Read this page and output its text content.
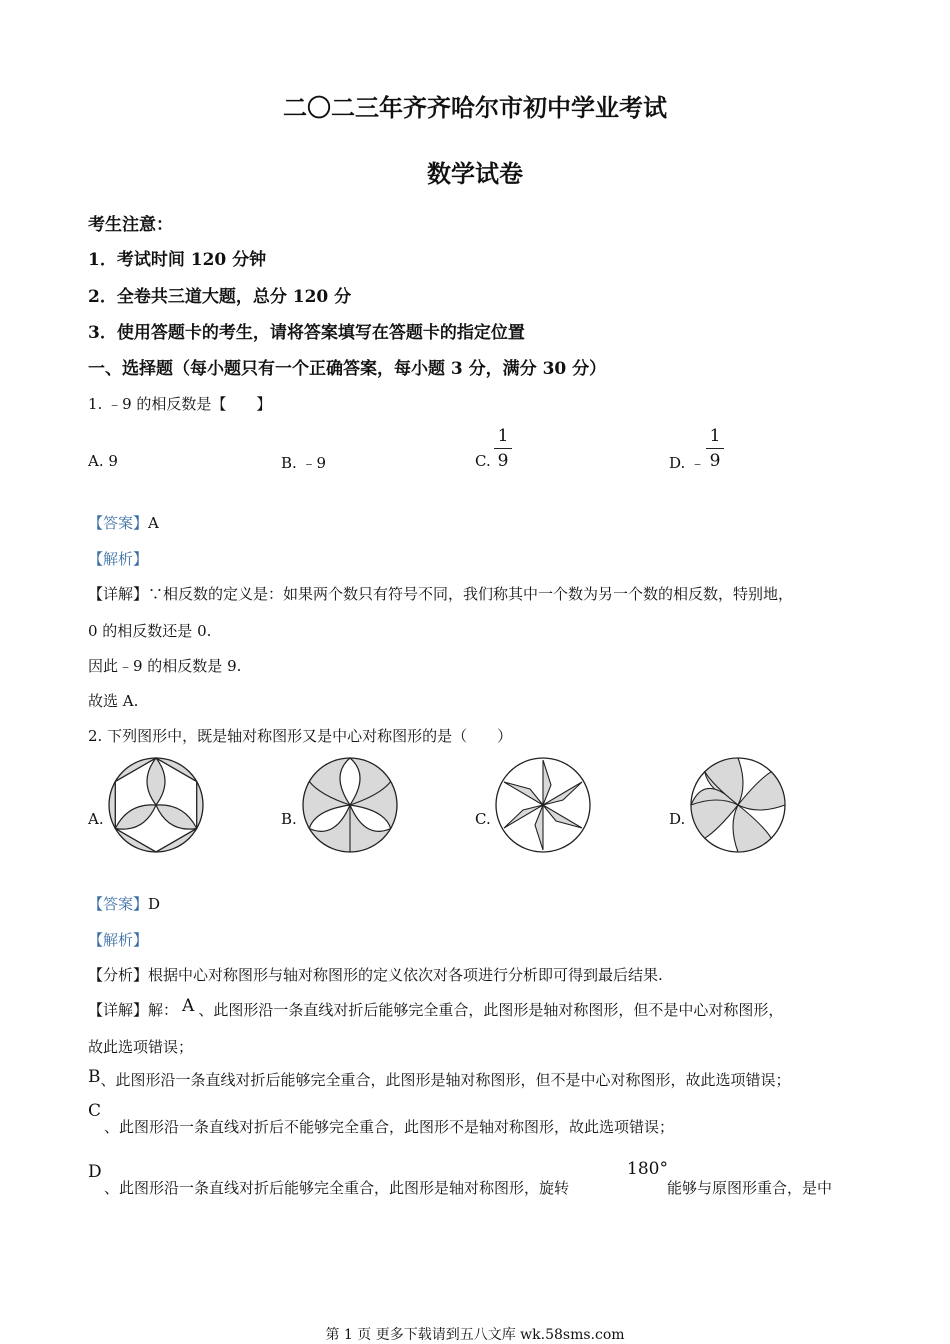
二〇二三年齐齐哈尔市初中学业考试
数学试卷
考生注意：
1．考试时间 120 分钟
2．全卷共三道大题，总分 120 分
3．使用答题卡的考生，请将答案填写在答题卡的指定位置
一、选择题（每小题只有一个正确答案，每小题 3 分，满分 30 分）
1. ﹣9 的相反数是【　　】
A. 9	B. ﹣9	C.
1
9	D. ﹣
1
9
【答案】A
【解析】
【详解】∵相反数的定义是：如果两个数只有符号不同，我们称其中一个数为另一个数的相反数，特别地，
0 的相反数还是 0.
因此﹣9 的相反数是 9.
故选 A.
2. 下列图形中，既是轴对称图形又是中心对称图形的是（　　）
A.	B.	C.	D.
【答案】D
【解析】
【分析】根据中心对称图形与轴对称图形的定义依次对各项进行分析即可得到最后结果.
【详解】解： A 、此图形沿一条直线对折后能够完全重合，此图形是轴对称图形，但不是中心对称图形，
故此选项错误；
B、此图形沿一条直线对折后能够完全重合，此图形是轴对称图形，但不是中心对称图形，故此选项错误；
C
、此图形沿一条直线对折后不能够完全重合，此图形不是轴对称图形，故此选项错误；
D
、此图形沿一条直线对折后能够完全重合，此图形是轴对称图形，旋转
180°
能够与原图形重合，是中
第 1 页 更多下载请到五八文库 wk.58sms.com
